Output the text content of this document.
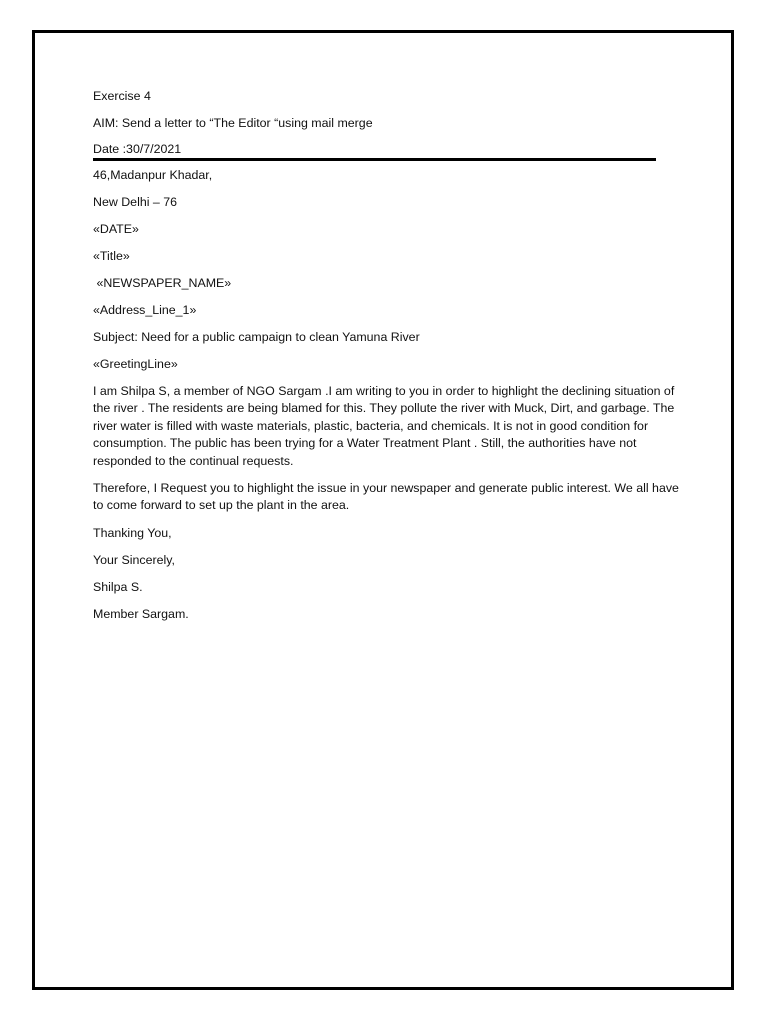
Exercise 4
AIM: Send a letter to “The Editor “using mail merge
Date :30/7/2021
46,Madanpur Khadar,
New Delhi – 76
«DATE»
«Title»
«NEWSPAPER_NAME»
«Address_Line_1»
Subject: Need for a public campaign to clean Yamuna River
«GreetingLine»
I am Shilpa S, a member of NGO Sargam .I am writing to you in order to highlight the declining situation of the river . The residents are being blamed for this. They pollute the river with Muck, Dirt, and garbage. The river water is filled with waste materials, plastic, bacteria, and chemicals. It is not in good condition for consumption. The public has been trying for a Water Treatment Plant . Still, the authorities have not responded to the continual requests.
Therefore, I Request you to highlight the issue in your newspaper and generate public interest. We all have to come forward to set up the plant in the area.
Thanking You,
Your Sincerely,
Shilpa S.
Member Sargam.
